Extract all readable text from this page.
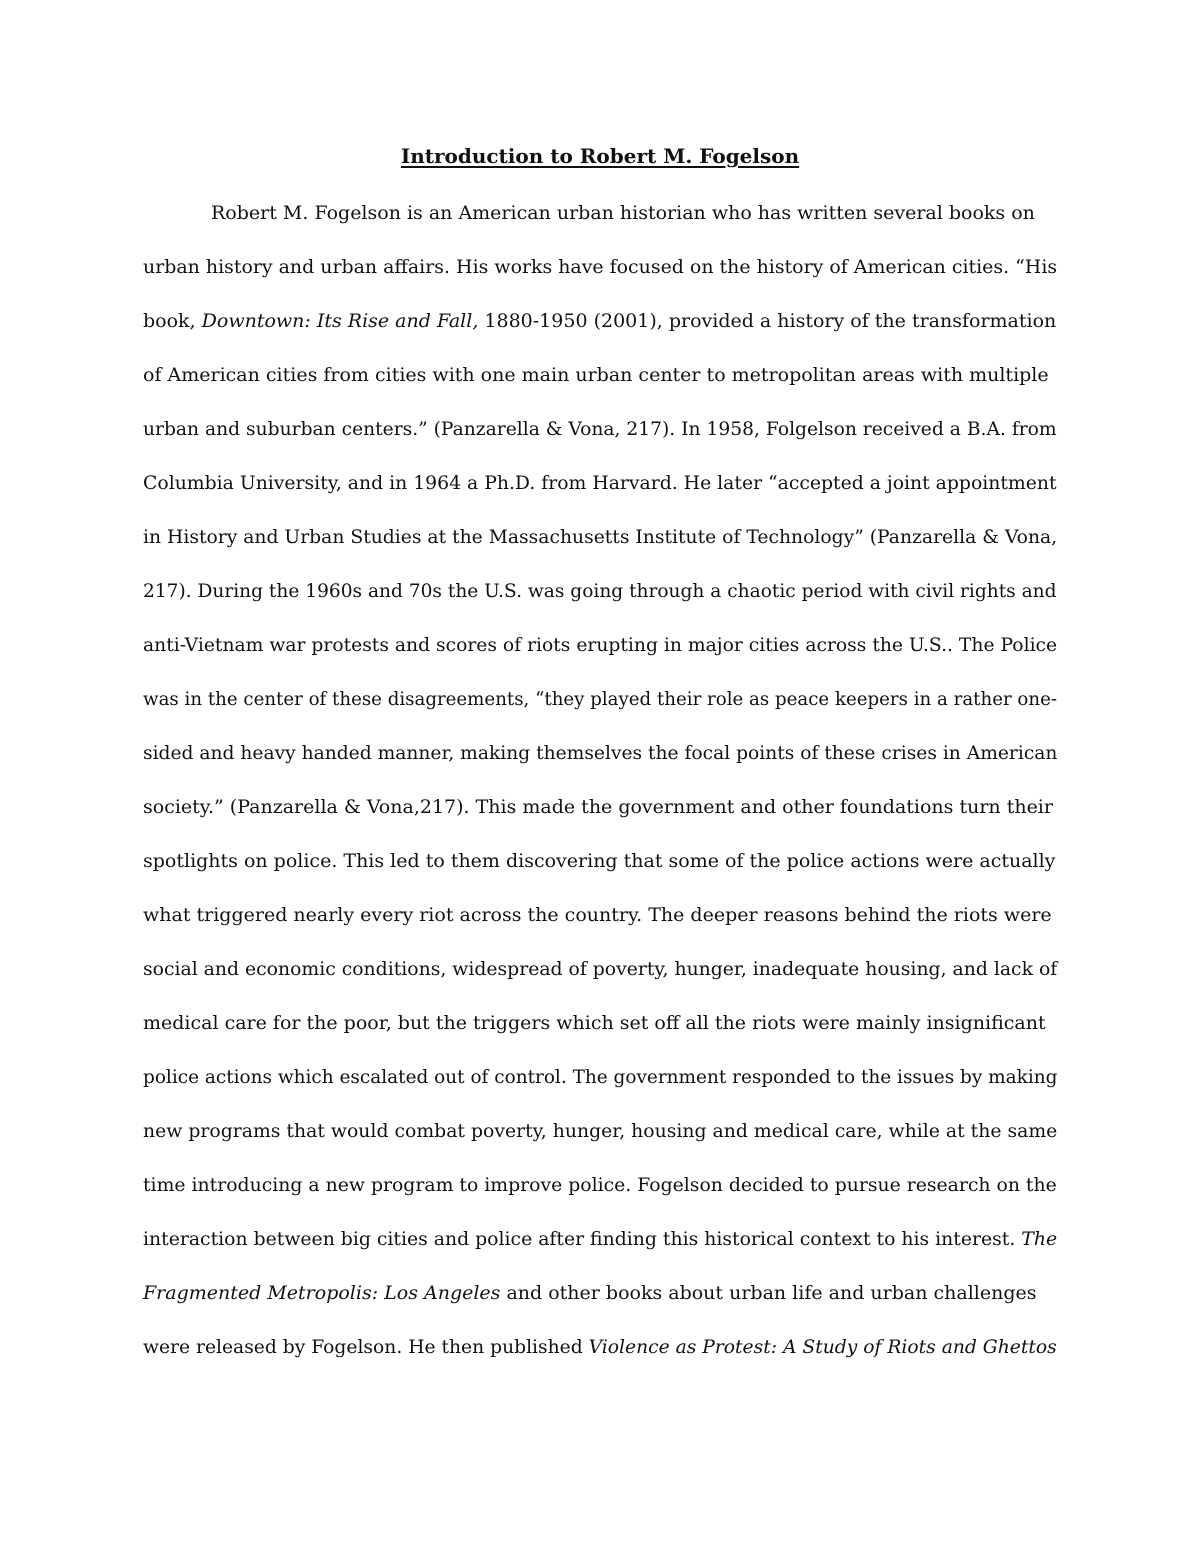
Introduction to Robert M. Fogelson
Robert M. Fogelson is an American urban historian who has written several books on
urban history and urban affairs. His works have focused on the history of American cities. “His
book, Downtown: Its Rise and Fall, 1880-1950 (2001), provided a history of the transformation
of American cities from cities with one main urban center to metropolitan areas with multiple
urban and suburban centers.” (Panzarella & Vona, 217). In 1958, Folgelson received a B.A. from
Columbia University, and in 1964 a Ph.D. from Harvard. He later “accepted a joint appointment
in History and Urban Studies at the Massachusetts Institute of Technology” (Panzarella & Vona,
217). During the 1960s and 70s the U.S. was going through a chaotic period with civil rights and
anti-Vietnam war protests and scores of riots erupting in major cities across the U.S.. The Police
was in the center of these disagreements, “they played their role as peace keepers in a rather one-
sided and heavy handed manner, making themselves the focal points of these crises in American
society.” (Panzarella & Vona,217). This made the government and other foundations turn their
spotlights on police. This led to them discovering that some of the police actions were actually
what triggered nearly every riot across the country. The deeper reasons behind the riots were
social and economic conditions, widespread of poverty, hunger, inadequate housing, and lack of
medical care for the poor, but the triggers which set off all the riots were mainly insignificant
police actions which escalated out of control. The government responded to the issues by making
new programs that would combat poverty, hunger, housing and medical care, while at the same
time introducing a new program to improve police. Fogelson decided to pursue research on the
interaction between big cities and police after finding this historical context to his interest. The
Fragmented Metropolis: Los Angeles and other books about urban life and urban challenges
were released by Fogelson. He then published Violence as Protest: A Study of Riots and Ghettos
